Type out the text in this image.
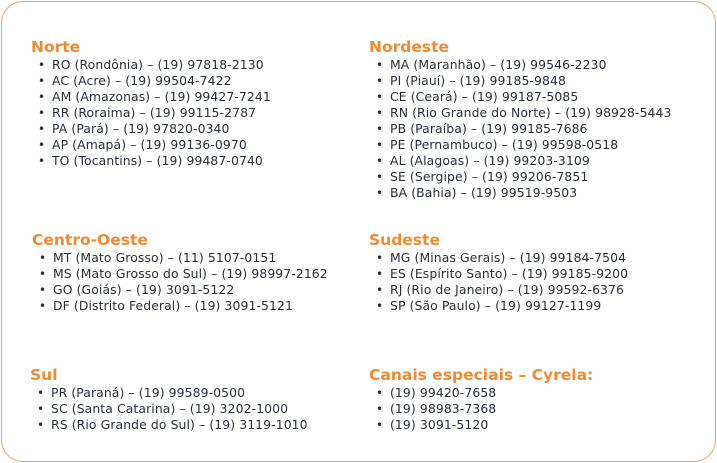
Norte
• RO (Rondônia) – (19) 97818-2130
• AC (Acre) – (19) 99504-7422
• AM (Amazonas) – (19) 99427-7241
• RR (Roraima) – (19) 99115-2787
• PA (Pará) – (19) 97820-0340
• AP (Amapá) – (19) 99136-0970
• TO (Tocantins) – (19) 99487-0740
Nordeste
• MA (Maranhão) – (19) 99546-2230
• PI (Piauí) – (19) 99185-9848
• CE (Ceará) – (19) 99187-5085
• RN (Rio Grande do Norte) – (19) 98928-5443
• PB (Paraíba) – (19) 99185-7686
• PE (Pernambuco) – (19) 99598-0518
• AL (Alagoas) – (19) 99203-3109
• SE (Sergipe) – (19) 99206-7851
• BA (Bahia) – (19) 99519-9503
Centro-Oeste
• MT (Mato Grosso) – (11) 5107-0151
• MS (Mato Grosso do Sul) – (19) 98997-2162
• GO (Goiás) – (19) 3091-5122
• DF (Distrito Federal) – (19) 3091-5121
Sudeste
• MG (Minas Gerais) – (19) 99184-7504
• ES (Espírito Santo) – (19) 99185-9200
• RJ (Rio de Janeiro) – (19) 99592-6376
• SP (São Paulo) – (19) 99127-1199
Sul
• PR (Paraná) – (19) 99589-0500
• SC (Santa Catarina) – (19) 3202-1000
• RS (Rio Grande do Sul) – (19) 3119-1010
Canais especiais – Cyrela:
• (19) 99420-7658
• (19) 98983-7368
• (19) 3091-5120
